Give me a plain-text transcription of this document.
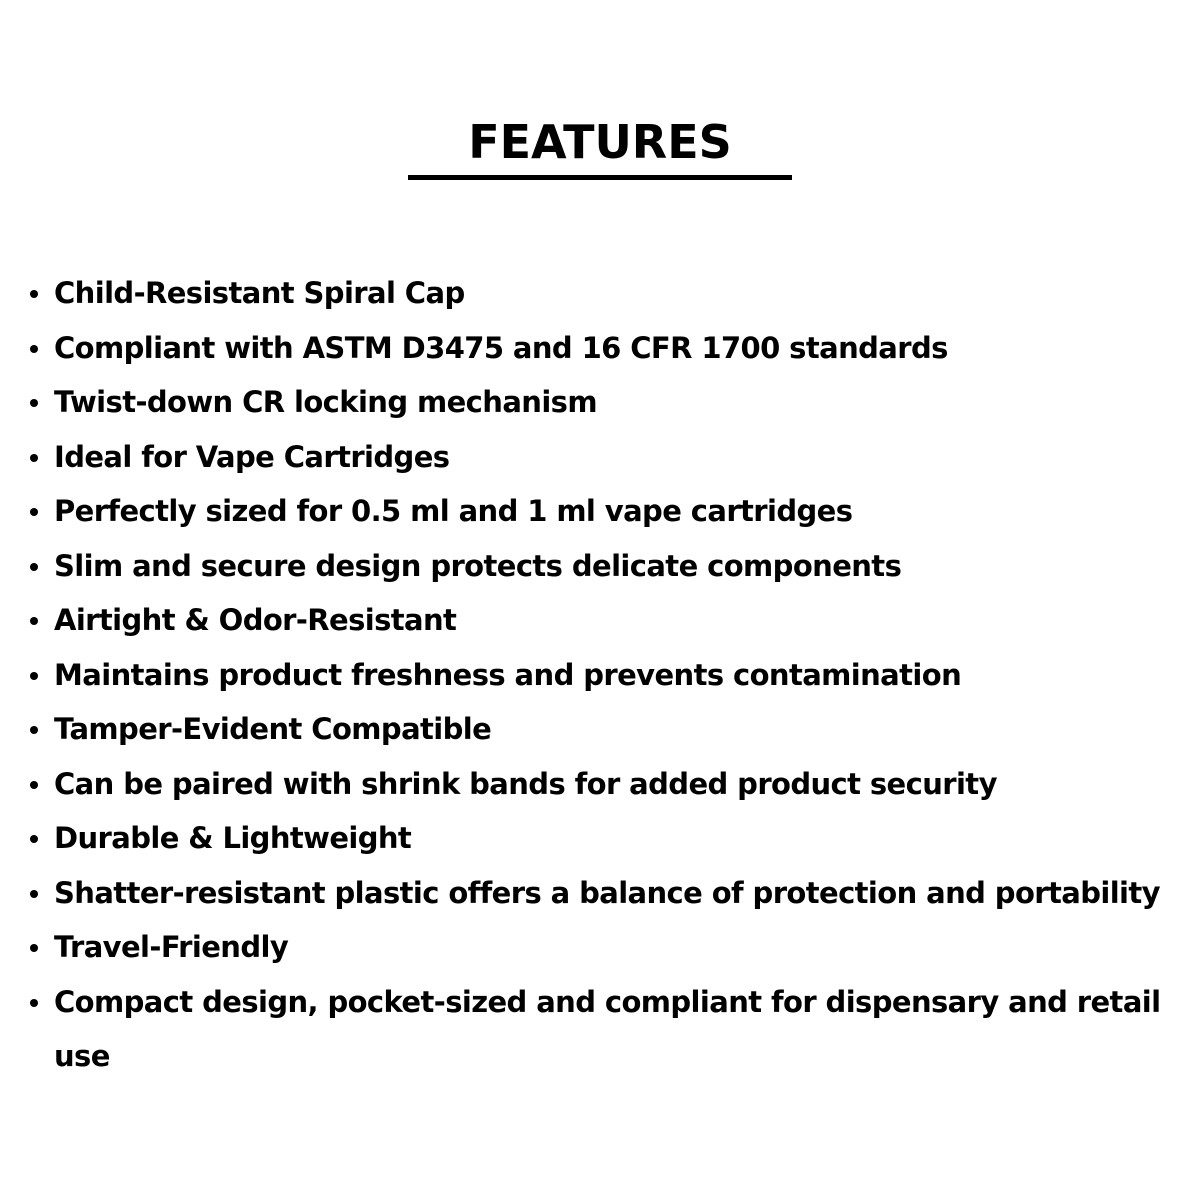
FEATURES
Child-Resistant Spiral Cap
Compliant with ASTM D3475 and 16 CFR 1700 standards
Twist-down CR locking mechanism
Ideal for Vape Cartridges
Perfectly sized for 0.5 ml and 1 ml vape cartridges
Slim and secure design protects delicate components
Airtight & Odor-Resistant
Maintains product freshness and prevents contamination
Tamper-Evident Compatible
Can be paired with shrink bands for added product security
Durable & Lightweight
Shatter-resistant plastic offers a balance of protection and portability
Travel-Friendly
Compact design, pocket-sized and compliant for dispensary and retail use
